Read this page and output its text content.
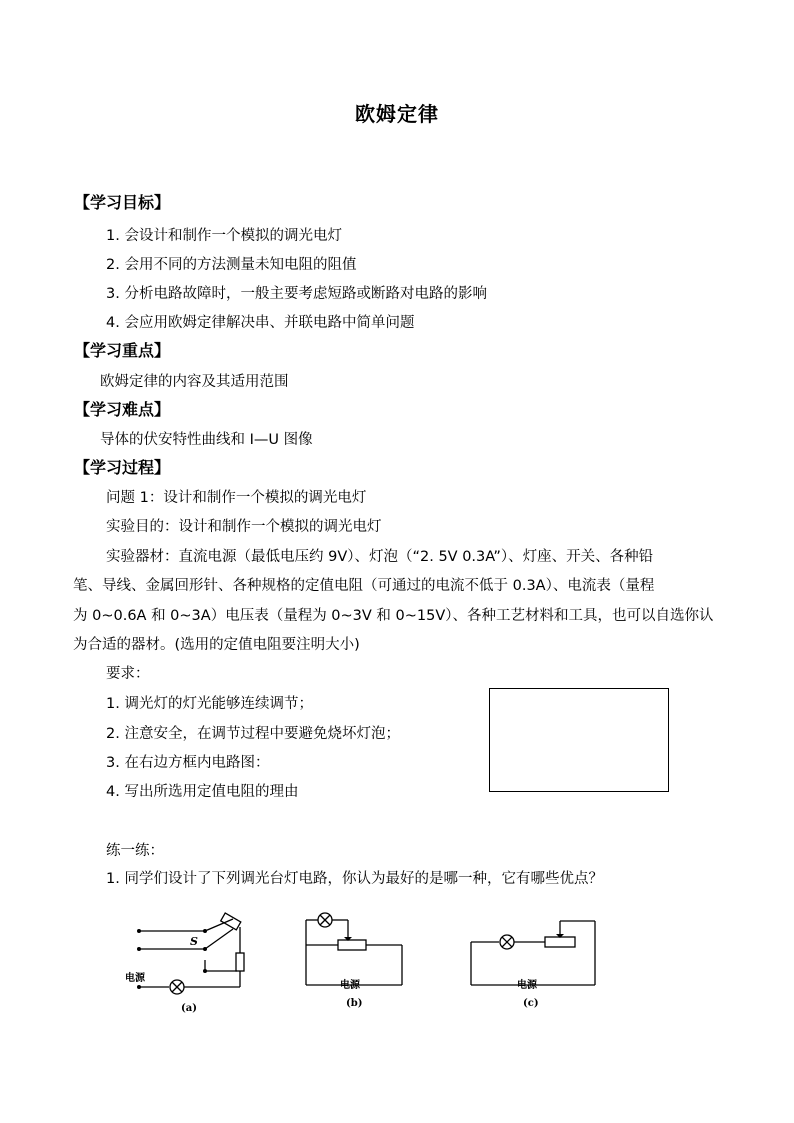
欧姆定律
【学习目标】
1. 会设计和制作一个模拟的调光电灯
2. 会用不同的方法测量未知电阻的阻值
3. 分析电路故障时，一般主要考虑短路或断路对电路的影响
4. 会应用欧姆定律解决串、并联电路中简单问题
【学习重点】
欧姆定律的内容及其适用范围
【学习难点】
导体的伏安特性曲线和 I—U 图像
【学习过程】
问题 1：设计和制作一个模拟的调光电灯
实验目的：设计和制作一个模拟的调光电灯
实验器材：直流电源（最低电压约 9V）、灯泡（“2. 5V 0.3A”）、灯座、开关、各种铅
笔、导线、金属回形针、各种规格的定值电阻（可通过的电流不低于 0.3A）、电流表（量程
为 0~0.6A 和 0~3A）电压表（量程为 0~3V 和 0~15V）、各种工艺材料和工具，也可以自选你认
为合适的器材。(选用的定值电阻要注明大小)
要求：
1. 调光灯的灯光能够连续调节；
2. 注意安全，在调节过程中要避免烧坏灯泡；
3. 在右边方框内电路图：
4. 写出所选用定值电阻的理由
练一练：
1. 同学们设计了下列调光台灯电路，你认为最好的是哪一种，它有哪些优点？
S
电源
(a)
电源
(b)
电源
(c)
